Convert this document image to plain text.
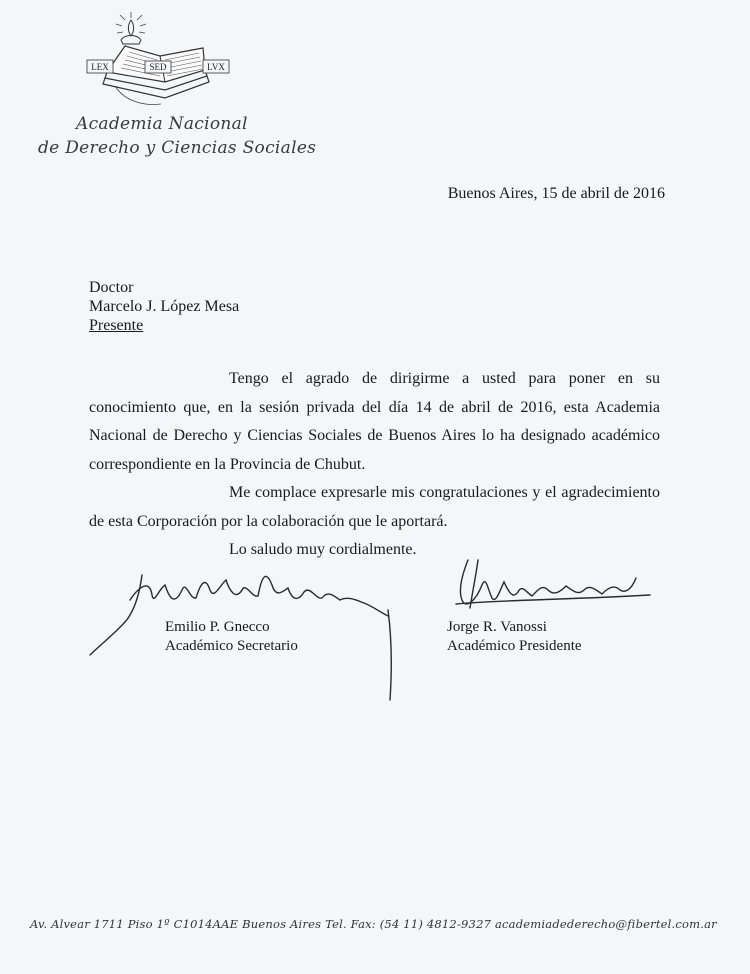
LEX	SED	LVX
Academia Nacional
de Derecho y Ciencias Sociales
Buenos Aires, 15 de abril de 2016
Doctor
Marcelo J. López Mesa
Presente

Tengo el agrado de dirigirme a usted para poner en su conocimiento que, en la sesión privada del día 14 de abril de 2016, esta Academia Nacional de Derecho y Ciencias Sociales de Buenos Aires lo ha designado académico correspondiente en la Provincia de Chubut.

Me complace expresarle mis congratulaciones y el agradecimiento de esta Corporación por la colaboración que le aportará.

Lo saludo muy cordialmente.

Emilio P. Gnecco
Académico Secretario
Jorge R. Vanossi
Académico Presidente
Av. Alvear 1711 Piso 1º C1014AAE Buenos Aires Tel. Fax: (54 11) 4812-9327 academiadederecho@fibertel.com.ar
